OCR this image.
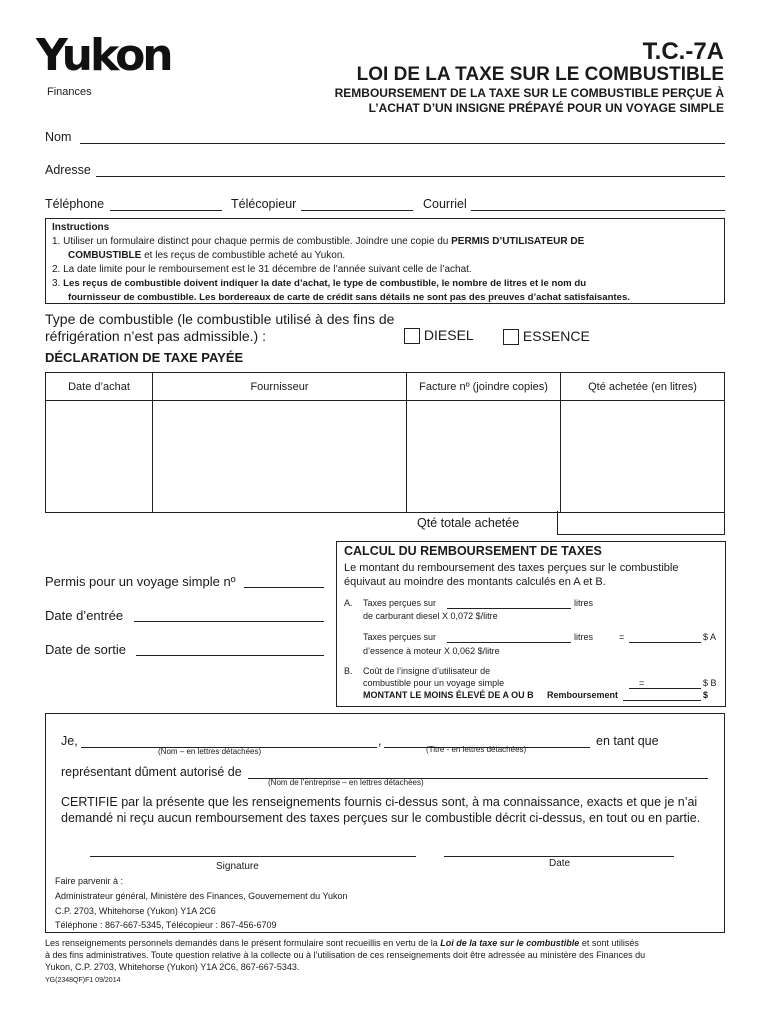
Yukon
Finances
T.C.-7A
LOI DE LA TAXE SUR LE COMBUSTIBLE
REMBOURSEMENT DE LA TAXE SUR LE COMBUSTIBLE PERÇUE À
L’ACHAT D’UN INSIGNE PRÉPAYÉ POUR UN VOYAGE SIMPLE
Nom
Adresse
Téléphone	Télécopieur	Courriel

Instructions

1. Utiliser un formulaire distinct pour chaque permis de combustible. Joindre une copie du PERMIS D’UTILISATEUR DE

COMBUSTIBLE et les reçus de combustible acheté au Yukon.

2. La date limite pour le remboursement est le 31 décembre de l’année suivant celle de l’achat.

3. Les reçus de combustible doivent indiquer la date d’achat, le type de combustible, le nombre de litres et le nom du

fournisseur de combustible. Les bordereaux de carte de crédit sans détails ne sont pas des preuves d’achat satisfaisantes.

Type de combustible (le combustible utilisé à des fins de
réfrigération n’est pas admissible.) :	DIESEL	ESSENCE
DÉCLARATION DE TAXE PAYÉE
Date d’achat	Fournisseur	Facture nº (joindre copies)	Qté achetée (en litres)

Qté totale achetée
Permis pour un voyage simple nº
Date d’entrée
Date de sortie
CALCUL DU REMBOURSEMENT DE TAXES
Le montant du remboursement des taxes perçues sur le combustible
équivaut au moindre des montants calculés en A et B.
A. Taxes perçues sur	litres
de carburant diesel X 0,072 $/litre
Taxes perçues sur	litres	=	$ A
d’essence à moteur X 0,062 $/litre
B. Coût de l’insigne d’utilisateur de
combustible pour un voyage simple	=	$ B
MONTANT LE MOINS ÉLEVÉ DE A OU B Remboursement	$
Je,	,	en tant que
(Nom – en lettres détachées)	(Titre - en lettres détachées)
représentant dûment autorisé de
(Nom de l’entreprise – en lettres détachées)
CERTIFIE par la présente que les renseignements fournis ci-dessus sont, à ma connaissance, exacts et que je n’ai
demandé ni reçu aucun remboursement des taxes perçues sur le combustible décrit ci-dessus, en tout ou en partie.
Signature	Date
Faire parvenir à :
Administrateur général, Ministère des Finances, Gouvernement du Yukon
C.P. 2703, Whitehorse (Yukon) Y1A 2C6
Téléphone : 867-667-5345, Télécopieur : 867-456-6709
Les renseignements personnels demandés dans le présent formulaire sont recueillis en vertu de la Loi de la taxe sur le combustible et sont utilisés
à des fins administratives. Toute question relative à la collecte ou à l’utilisation de ces renseignements doit être adressée au ministère des Finances du
Yukon, C.P. 2703, Whitehorse (Yukon) Y1A 2C6, 867-667-5343.
YG(2348QF)F1 09/2014
